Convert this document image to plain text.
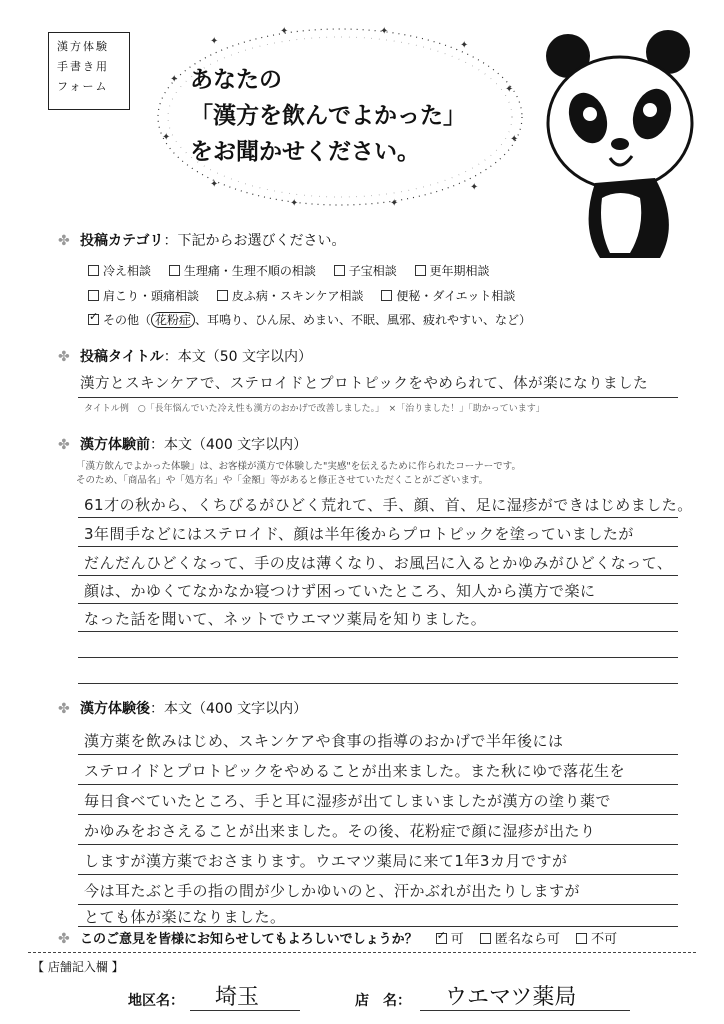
漢方体験
手書き用
フォーム
✦
✦
✦	✦
✦
✦
✦
✦
✦
✦
✦
✦
あなたの
「漢方を飲んでよかった」
をお聞かせください。
✤ 投稿カテゴリ：下記からお選びください。
冷え相談	生理痛・生理不順の相談	子宝相談	更年期相談
肩こり・頭痛相談	皮ふ病・スキンケア相談	便秘・ダイエット相談
✓その他（ 花粉症 、耳鳴り、ひん尿、めまい、不眠、風邪、疲れやすい、など）
✤ 投稿タイトル：本文（50 文字以内）
漢方とスキンケアで、ステロイドとプロトピックをやめられて、体が楽になりました
タイトル例　○「長年悩んでいた冷え性も漢方のおかげで改善しました。」　×「治りました！」「助かっています」
✤ 漢方体験前：本文（400 文字以内）
「漢方飲んでよかった体験」は、お客様が漢方で体験した"実感"を伝えるために作られたコーナーです。
そのため、「商品名」や「処方名」や「金額」等があると修正させていただくことがございます。
61才の秋から、くちびるがひどく荒れて、手、顔、首、足に湿疹ができはじめました。
3年間手などにはステロイド、顔は半年後からプロトピックを塗っていましたが
だんだんひどくなって、手の皮は薄くなり、お風呂に入るとかゆみがひどくなって、
顔は、かゆくてなかなか寝つけず困っていたところ、知人から漢方で楽に
なった話を聞いて、ネットでウエマツ薬局を知りました。
✤ 漢方体験後：本文（400 文字以内）
漢方薬を飲みはじめ、スキンケアや食事の指導のおかげで半年後には
ステロイドとプロトピックをやめることが出来ました。また秋にゆで落花生を
毎日食べていたところ、手と耳に湿疹が出てしまいましたが漢方の塗り薬で
かゆみをおさえることが出来ました。その後、花粉症で顔に湿疹が出たり
しますが漢方薬でおさまります。ウエマツ薬局に来て1年3カ月ですが
今は耳たぶと手の指の間が少しかゆいのと、汗かぶれが出たりしますが
とても体が楽になりました。
✤ このご意見を皆様にお知らせしてもよろしいでしょうか？ ✓	可 匿名なら可 不可
【 店舗記入欄 】
地区名： 埼玉	店　名： ウエマツ薬局
